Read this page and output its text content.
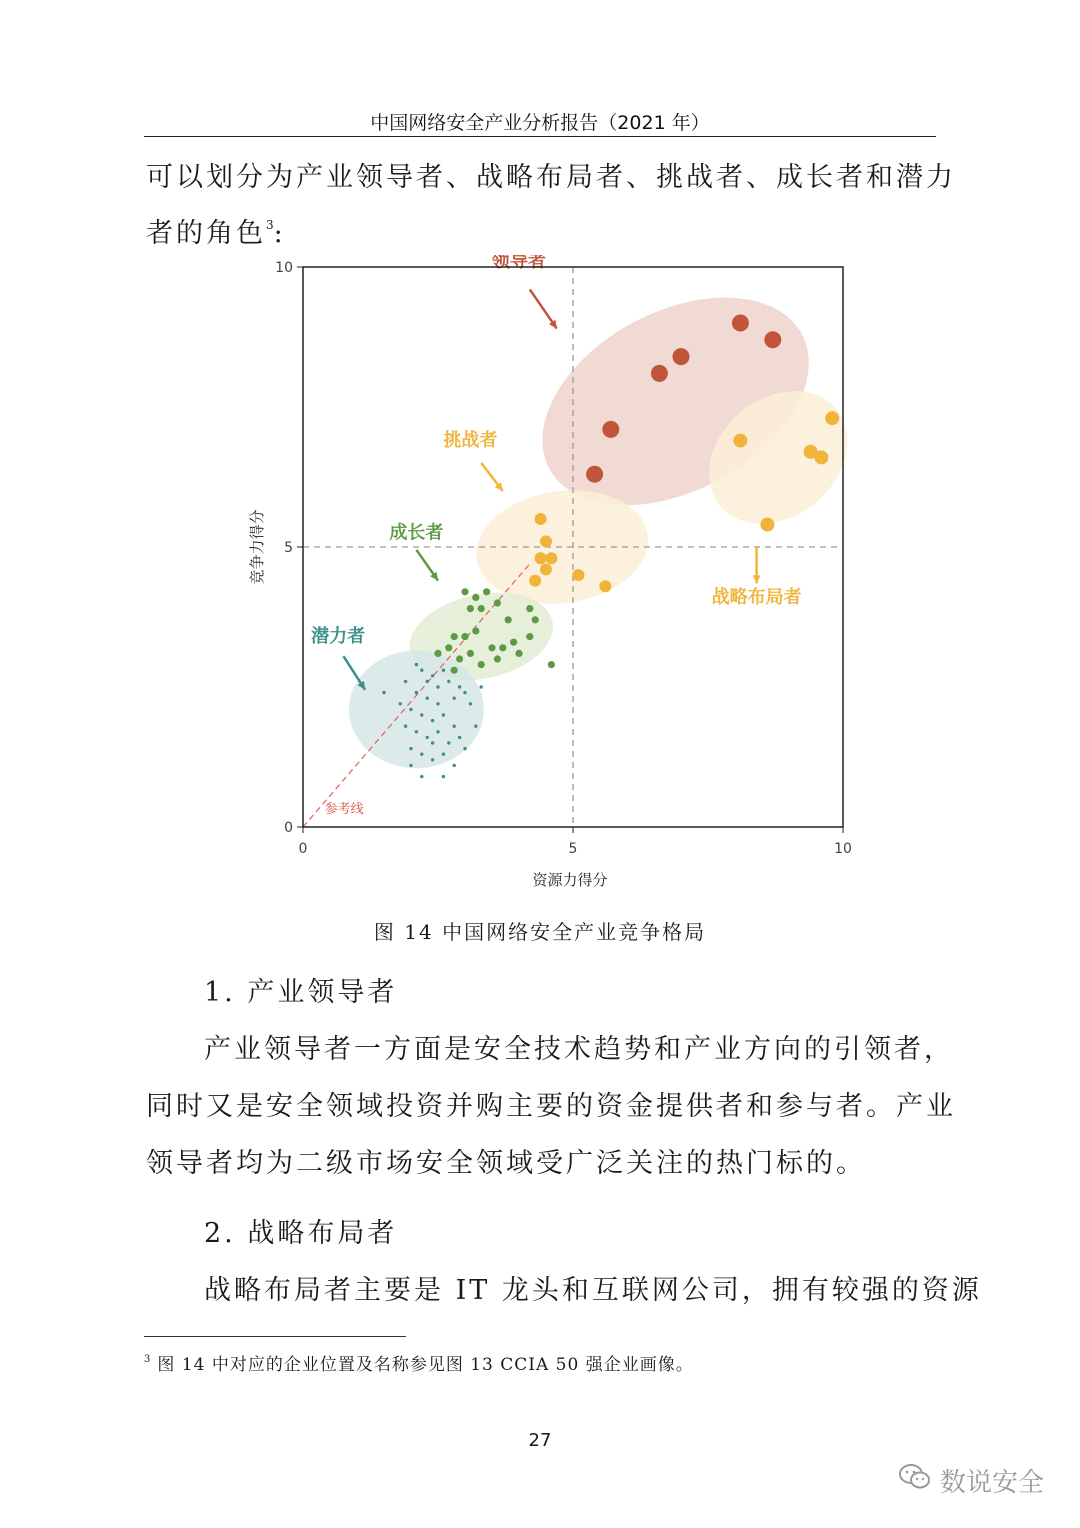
中国网络安全产业分析报告（2021 年）
可以划分为产业领导者、战略布局者、挑战者、成长者和潜力
者的角色$^3$:
参考线
0	5	10
0
5
10	领导者
战略布局者
挑战者
成长者
潜力者
资源力得分
竞争力得分
图 14 中国网络安全产业竞争格局
1. 产业领导者
产业领导者一方面是安全技术趋势和产业方向的引领者，
同时又是安全领域投资并购主要的资金提供者和参与者。产业
领导者均为二级市场安全领域受广泛关注的热门标的。
2. 战略布局者
战略布局者主要是 IT 龙头和互联网公司，拥有较强的资源
$^3$ 图 14 中对应的企业位置及名称参见图 13 CCIA 50 强企业画像。
27
数说安全
